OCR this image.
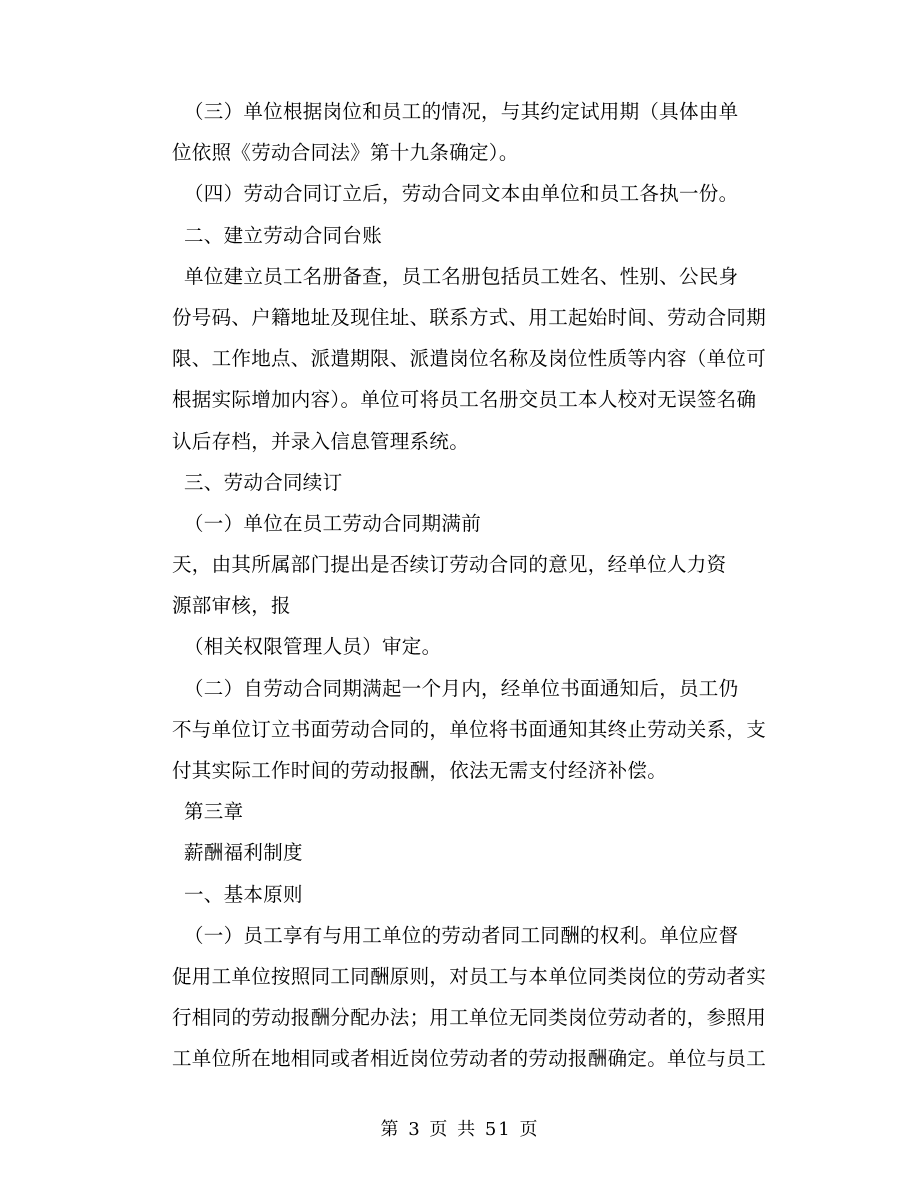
（三）单位根据岗位和员工的情况，与其约定试用期（具体由单
位依照《劳动合同法》第十九条确定）。
（四）劳动合同订立后，劳动合同文本由单位和员工各执一份。
二、建立劳动合同台账
单位建立员工名册备查，员工名册包括员工姓名、性别、公民身
份号码、户籍地址及现住址、联系方式、用工起始时间、劳动合同期
限、工作地点、派遣期限、派遣岗位名称及岗位性质等内容（单位可
根据实际增加内容）。单位可将员工名册交员工本人校对无误签名确
认后存档，并录入信息管理系统。
三、劳动合同续订
（一）单位在员工劳动合同期满前
天，由其所属部门提出是否续订劳动合同的意见，经单位人力资
源部审核，报
（相关权限管理人员）审定。
（二）自劳动合同期满起一个月内，经单位书面通知后，员工仍
不与单位订立书面劳动合同的，单位将书面通知其终止劳动关系，支
付其实际工作时间的劳动报酬，依法无需支付经济补偿。
第三章
薪酬福利制度
一、基本原则
（一）员工享有与用工单位的劳动者同工同酬的权利。单位应督
促用工单位按照同工同酬原则，对员工与本单位同类岗位的劳动者实
行相同的劳动报酬分配办法；用工单位无同类岗位劳动者的，参照用
工单位所在地相同或者相近岗位劳动者的劳动报酬确定。单位与员工
第 3 页 共 51 页
